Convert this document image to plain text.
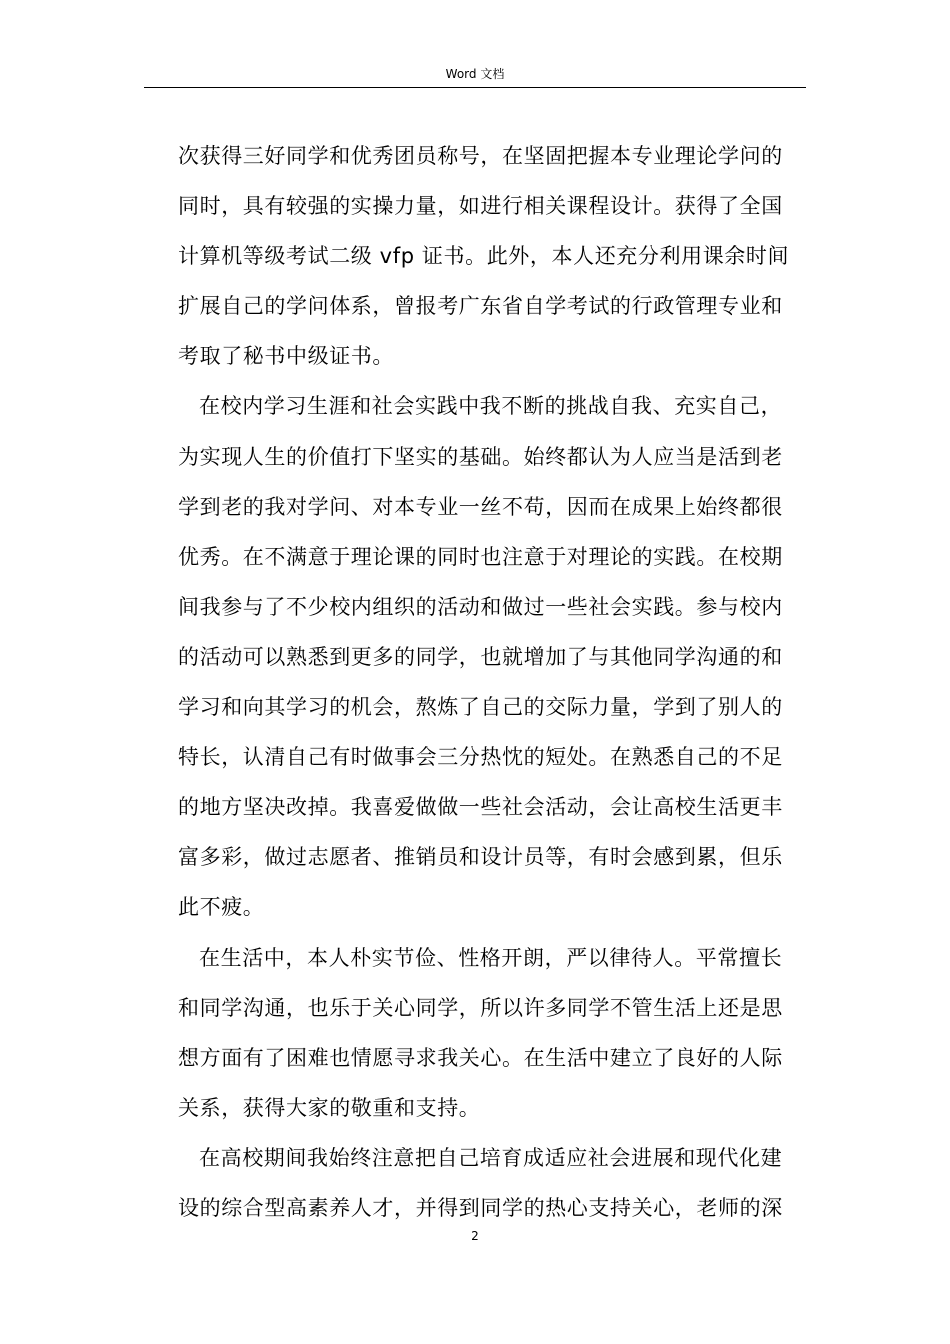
Word 文档
次获得三好同学和优秀团员称号，在坚固把握本专业理论学问的
同时，具有较强的实操力量，如进行相关课程设计。获得了全国
计算机等级考试二级 vfp 证书。此外，本人还充分利用课余时间
扩展自己的学问体系，曾报考广东省自学考试的行政管理专业和
考取了秘书中级证书。
在校内学习生涯和社会实践中我不断的挑战自我、充实自己，
为实现人生的价值打下坚实的基础。始终都认为人应当是活到老
学到老的我对学问、对本专业一丝不苟，因而在成果上始终都很
优秀。在不满意于理论课的同时也注意于对理论的实践。在校期
间我参与了不少校内组织的活动和做过一些社会实践。参与校内
的活动可以熟悉到更多的同学，也就增加了与其他同学沟通的和
学习和向其学习的机会，熬炼了自己的交际力量，学到了别人的
特长，认清自己有时做事会三分热忱的短处。在熟悉自己的不足
的地方坚决改掉。我喜爱做做一些社会活动，会让高校生活更丰
富多彩，做过志愿者、推销员和设计员等，有时会感到累，但乐
此不疲。
在生活中，本人朴实节俭、性格开朗，严以律待人。平常擅长
和同学沟通，也乐于关心同学，所以许多同学不管生活上还是思
想方面有了困难也情愿寻求我关心。在生活中建立了良好的人际
关系，获得大家的敬重和支持。
在高校期间我始终注意把自己培育成适应社会进展和现代化建
设的综合型高素养人才，并得到同学的热心支持关心，老师的深
2
